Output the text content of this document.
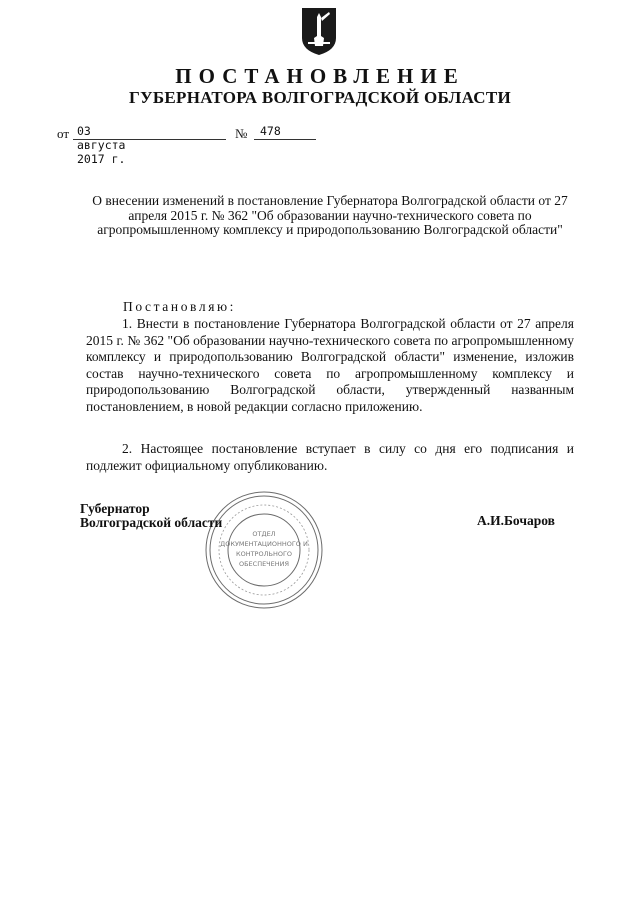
ПОСТАНОВЛЕНИЕ
ГУБЕРНАТОРА ВОЛГОГРАДСКОЙ ОБЛАСТИ
от 03 августа 2017 г.
№ 478
О внесении изменений в постановление Губернатора Волгоградской области от 27 апреля 2015 г. № 362 "Об образовании научно-технического совета по агропромышленному комплексу и природопользованию Волгоградской области"
Постановляю:
1. Внести в постановление Губернатора Волгоградской области от 27 апреля 2015 г. № 362 "Об образовании научно-технического совета по агропромышленному комплексу и природопользованию Волгоградской области" изменение, изложив состав научно-технического совета по агропромышленному комплексу и природопользованию Волгоградской области, утвержденный названным постановлением, в новой редакции согласно приложению.
2. Настоящее постановление вступает в силу со дня его подписания и подлежит официальному опубликованию.
ОТДЕЛ
ДОКУМЕНТАЦИОННОГО И
КОНТРОЛЬНОГО
ОБЕСПЕЧЕНИЯ
Губернатор
Волгоградской области	А.И.Бочаров
